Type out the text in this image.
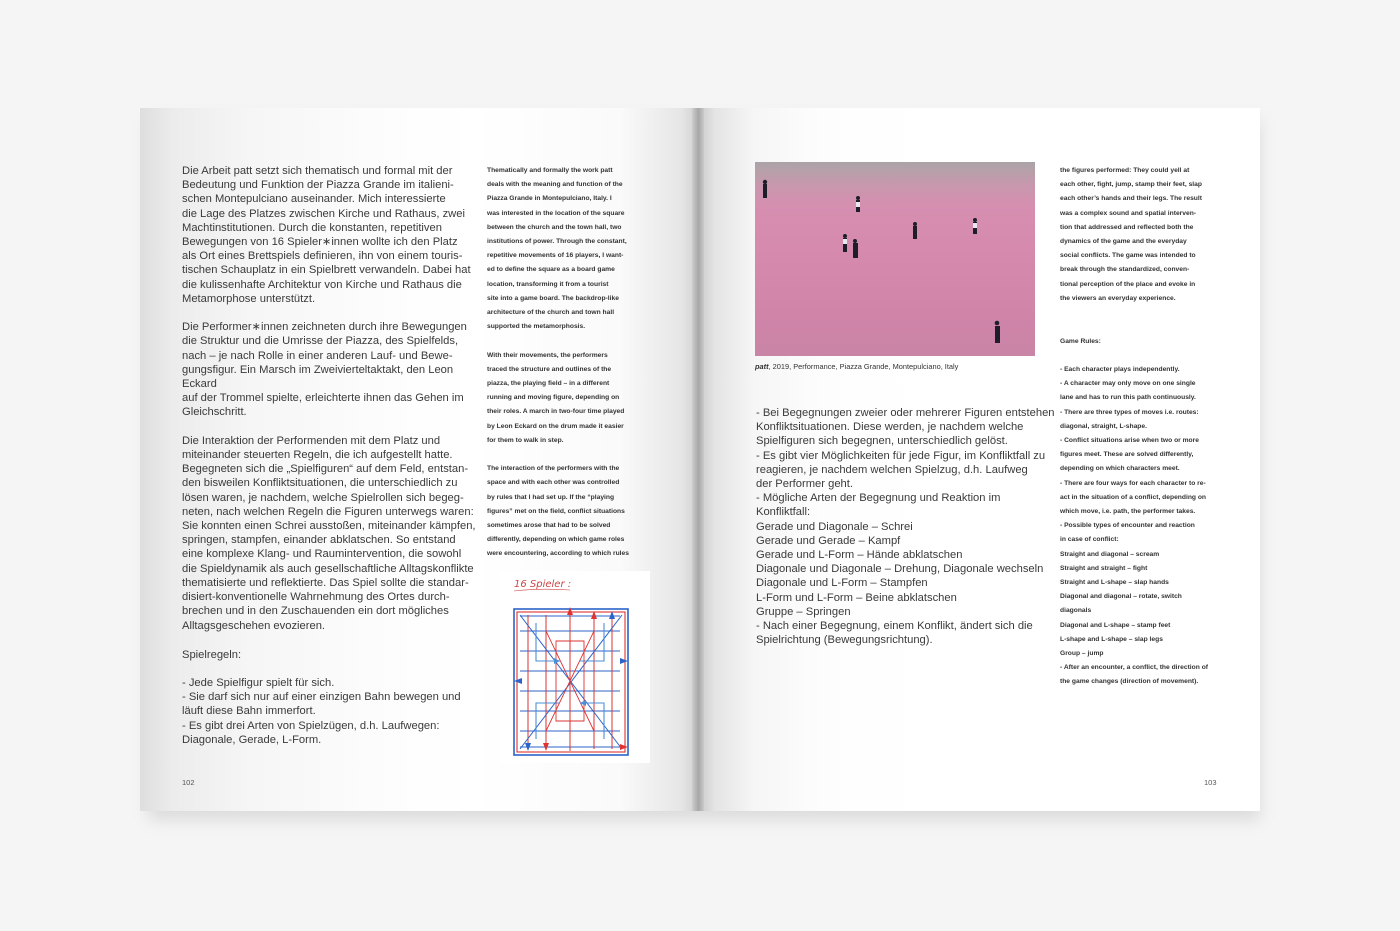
Die Arbeit patt setzt sich thematisch und formal mit der
Bedeutung und Funktion der Piazza Grande im italieni-
schen Montepulciano auseinander. Mich interessierte
die Lage des Platzes zwischen Kirche und Rathaus, zwei
Machtinstitutionen. Durch die konstanten, repetitiven
Bewegungen von 16 Spieler∗innen wollte ich den Platz
als Ort eines Brettspiels definieren, ihn von einem touris-
tischen Schauplatz in ein Spielbrett verwandeln. Dabei hat
die kulissenhafte Architektur von Kirche und Rathaus die
Metamorphose unterstützt.

Die Performer∗innen zeichneten durch ihre Bewegungen
die Struktur und die Umrisse der Piazza, des Spielfelds,
nach – je nach Rolle in einer anderen Lauf- und Bewe-
gungsfigur. Ein Marsch im Zweivierteltaktakt, den Leon Eckard
auf der Trommel spielte, erleichterte ihnen das Gehen im
Gleichschritt.

Die Interaktion der Performenden mit dem Platz und
miteinander steuerten Regeln, die ich aufgestellt hatte.
Begegneten sich die „Spielfiguren“ auf dem Feld, entstan-
den bisweilen Konfliktsituationen, die unterschiedlich zu
lösen waren, je nachdem, welche Spielrollen sich begeg-
neten, nach welchen Regeln die Figuren unterwegs waren:
Sie konnten einen Schrei ausstoßen, miteinander kämpfen,
springen, stampfen, einander abklatschen. So entstand
eine komplexe Klang- und Raumintervention, die sowohl
die Spieldynamik als auch gesellschaftliche Alltagskonflikte
thematisierte und reflektierte. Das Spiel sollte die standar-
disiert-konventionelle Wahrnehmung des Ortes durch-
brechen und in den Zuschauenden ein dort mögliches
Alltagsgeschehen evozieren.
Spielregeln:
- Jede Spielfigur spielt für sich.
- Sie darf sich nur auf einer einzigen Bahn bewegen und
läuft diese Bahn immerfort.
- Es gibt drei Arten von Spielzügen, d.h. Laufwegen:
Diagonale, Gerade, L-Form.
Thematically and formally the work patt
deals with the meaning and function of the
Piazza Grande in Montepulciano, Italy. I
was interested in the location of the square
between the church and the town hall, two
institutions of power. Through the constant,
repetitive movements of 16 players, I want-
ed to define the square as a board game
location, transforming it from a tourist
site into a game board. The backdrop-like
architecture of the church and town hall
supported the metamorphosis.

With their movements, the performers
traced the structure and outlines of the
piazza, the playing field – in a different
running and moving figure, depending on
their roles. A march in two-four time played
by Leon Eckard on the drum made it easier
for them to walk in step.

The interaction of the performers with the
space and with each other was controlled
by rules that I had set up. If the “playing
figures” met on the field, conflict situations
sometimes arose that had to be solved
differently, depending on which game roles
were encountering, according to which rules
16 Spieler :
102
patt, 2019, Performance, Piazza Grande, Montepulciano, Italy
- Bei Begegnungen zweier oder mehrerer Figuren entstehen
Konfliktsituationen. Diese werden, je nachdem welche
Spielfiguren sich begegnen, unterschiedlich gelöst.
- Es gibt vier Möglichkeiten für jede Figur, im Konfliktfall zu
reagieren, je nachdem welchen Spielzug, d.h. Laufweg
der Performer geht.
- Mögliche Arten der Begegnung und Reaktion im Konfliktfall:
Gerade und Diagonale – Schrei
Gerade und Gerade – Kampf
Gerade und L-Form – Hände abklatschen
Diagonale und Diagonale – Drehung, Diagonale wechseln
Diagonale und L-Form – Stampfen
L-Form und L-Form – Beine abklatschen
Gruppe – Springen
- Nach einer Begegnung, einem Konflikt, ändert sich die
Spielrichtung (Bewegungsrichtung).
the figures performed: They could yell at
each other, fight, jump, stamp their feet, slap
each other’s hands and their legs. The result
was a complex sound and spatial interven-
tion that addressed and reflected both the
dynamics of the game and the everyday
social conflicts. The game was intended to
break through the standardized, conven-
tional perception of the place and evoke in
the viewers an everyday experience.
Game Rules:
- Each character plays independently.
- A character may only move on one single
lane and has to run this path continuously.
- There are three types of moves i.e. routes:
diagonal, straight, L-shape.
- Conflict situations arise when two or more
figures meet. These are solved differently,
depending on which characters meet.
- There are four ways for each character to re-
act in the situation of a conflict, depending on
which move, i.e. path, the performer takes.
- Possible types of encounter and reaction
in case of conflict:
Straight and diagonal – scream
Straight and straight – fight
Straight and L-shape – slap hands
Diagonal and diagonal – rotate, switch
diagonals
Diagonal and L-shape – stamp feet
L-shape and L-shape – slap legs
Group – jump
- After an encounter, a conflict, the direction of
the game changes (direction of movement).
103
